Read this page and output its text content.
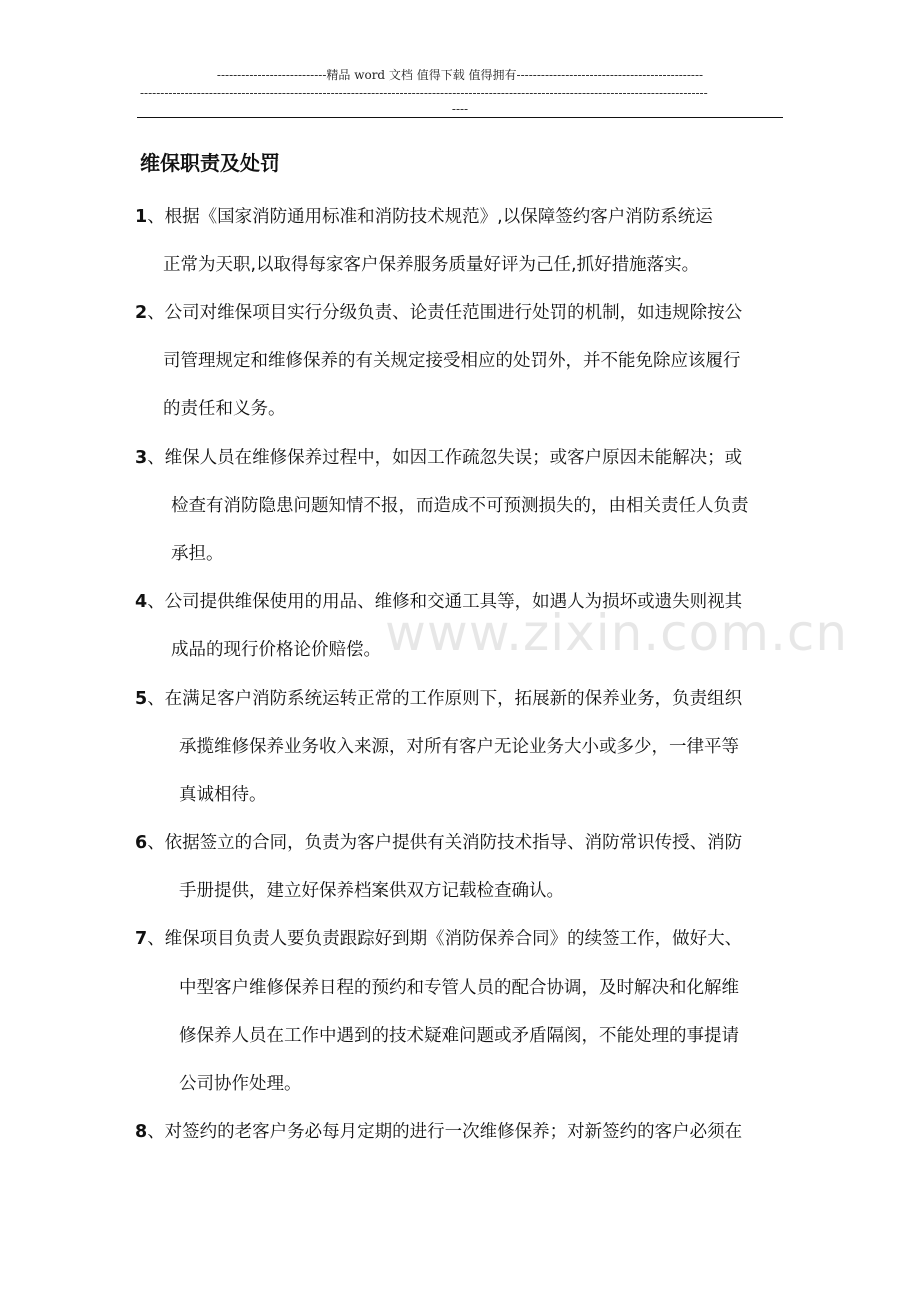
---------------------------精品 word 文档 值得下载 值得拥有----------------------------------------------
--------------------------------------------------------------------------------------------------------------------------------------------
----
维保职责及处罚
www.zixin.com.cn
1、根据《国家消防通用标准和消防技术规范》,以保障签约客户消防系统运
正常为天职,以取得每家客户保养服务质量好评为己任,抓好措施落实。
2、公司对维保项目实行分级负责、论责任范围进行处罚的机制，如违规除按公
司管理规定和维修保养的有关规定接受相应的处罚外，并不能免除应该履行
的责任和义务。
3、维保人员在维修保养过程中，如因工作疏忽失误；或客户原因未能解决；或
检查有消防隐患问题知情不报，而造成不可预测损失的，由相关责任人负责
承担。
4、公司提供维保使用的用品、维修和交通工具等，如遇人为损坏或遗失则视其
成品的现行价格论价赔偿。
5、在满足客户消防系统运转正常的工作原则下，拓展新的保养业务，负责组织
承揽维修保养业务收入来源，对所有客户无论业务大小或多少，一律平等
真诚相待。
6、依据签立的合同，负责为客户提供有关消防技术指导、消防常识传授、消防
手册提供，建立好保养档案供双方记载检查确认。
7、维保项目负责人要负责跟踪好到期《消防保养合同》的续签工作，做好大、
中型客户维修保养日程的预约和专管人员的配合协调，及时解决和化解维
修保养人员在工作中遇到的技术疑难问题或矛盾隔阂，不能处理的事提请
公司协作处理。
8、对签约的老客户务必每月定期的进行一次维修保养；对新签约的客户必须在
